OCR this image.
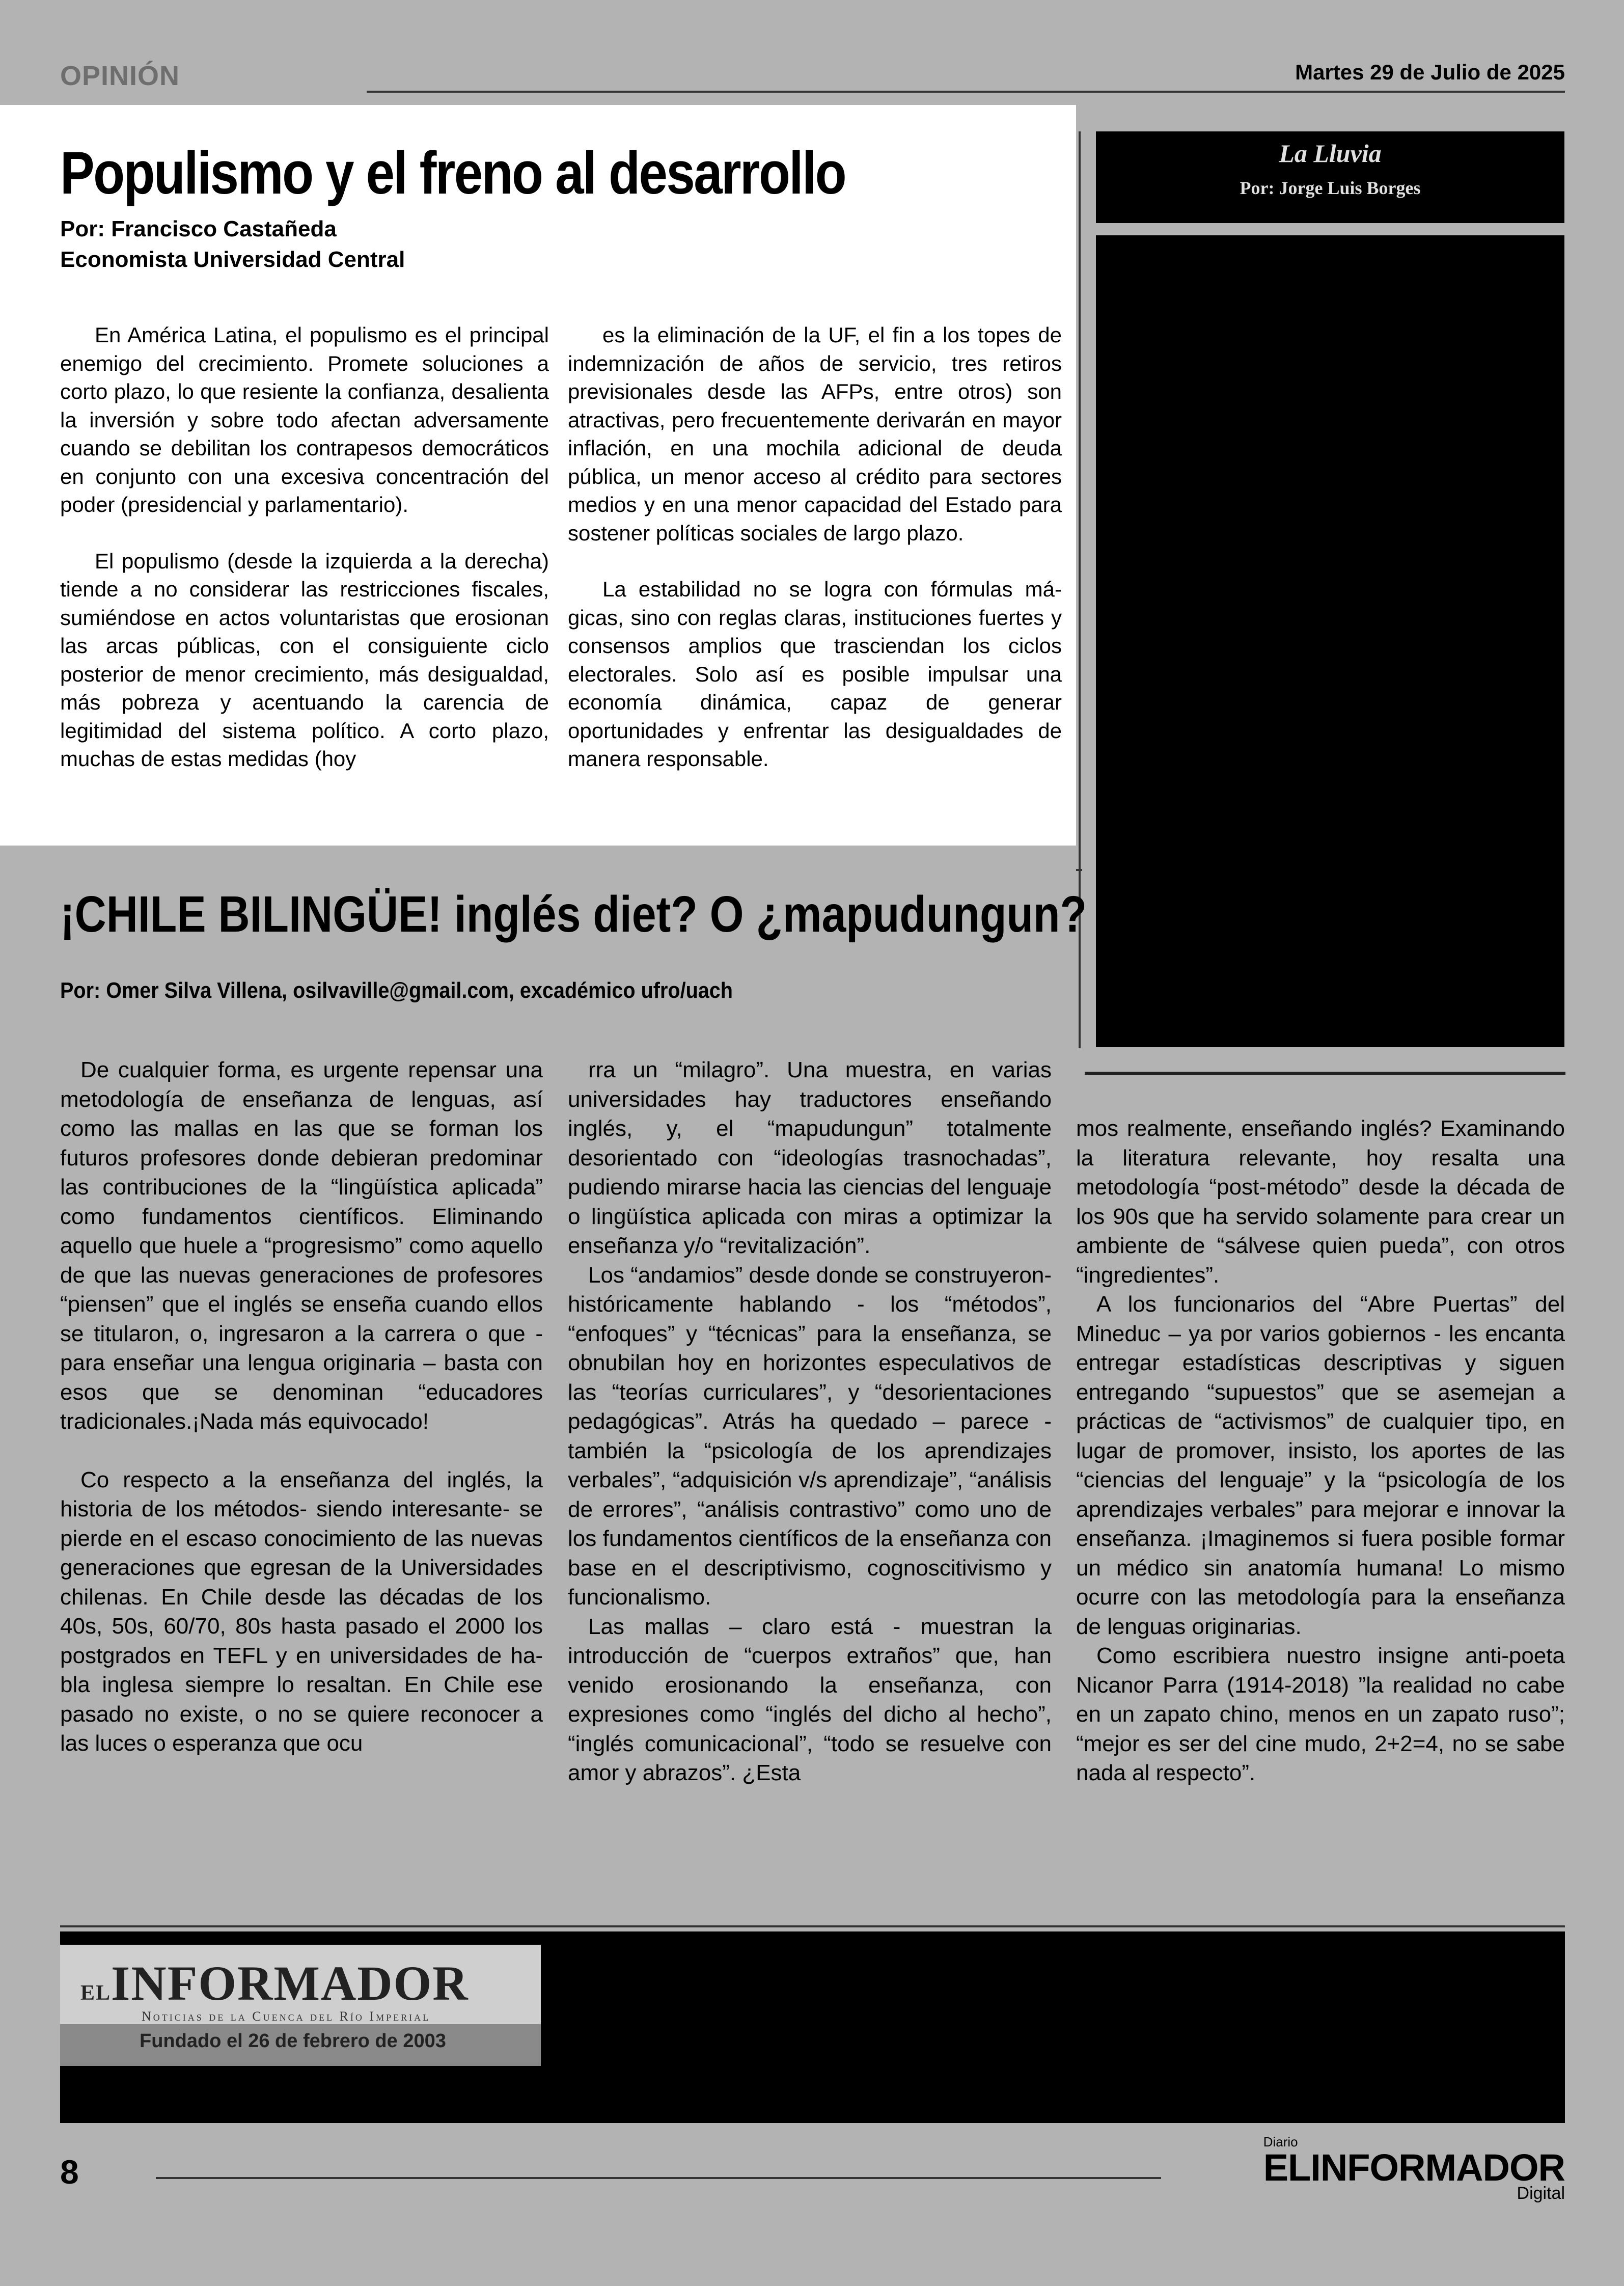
OPINIÓN	Martes 29 de Julio de 2025
Populismo y el freno al desarrollo
Por: Francisco Castañeda
Economista Universidad Central

En América Latina, el populismo es el principal enemigo del crecimiento. Promete soluciones a corto plazo, lo que resiente la confianza, desalienta la inversión y sobre todo afectan adversamente cuando se debilitan los contrapesos democráticos en conjunto con una excesiva concentración del poder (presidencial y parlamentario).

El populismo (desde la izquierda a la derecha) tiende a no considerar las restricciones fiscales, sumiéndose en actos voluntaristas que erosionan las arcas públicas, con el consiguiente ciclo posterior de menor crecimiento, más desigualdad, más pobreza y acentuando la carencia de legitimidad del sistema político. A corto plazo, muchas de estas medidas (hoy

es la eliminación de la UF, el fin a los topes de indemnización de años de servicio, tres retiros previsionales desde las AFPs, entre otros) son atractivas, pero frecuentemente derivarán en mayor inflación, en una mochila adicional de deuda pública, un menor acceso al crédito para sectores medios y en una menor capacidad del Estado para sostener políticas sociales de largo plazo.

La estabilidad no se logra con fórmulas mágicas, sino con reglas claras, instituciones fuertes y consensos amplios que trasciendan los ciclos electorales. Solo así es posible impulsar una economía dinámica, capaz de generar oportunidades y enfrentar las desigualdades de manera responsable.

La Lluvia
Por: Jorge Luis Borges
¡CHILE BILINGÜE! inglés diet? O ¿mapudungun?
Por: Omer Silva Villena, osilvaville@gmail.com, excadémico ufro/uach

De cualquier forma, es urgente repensar una metodología de enseñanza de lenguas, así como las mallas en las que se forman los futuros profesores donde debieran predominar las contribuciones de la “lingüística aplicada” como fundamentos científicos. Eliminando aquello que huele a “progresismo” como aquello de que las nuevas generaciones de profesores “piensen” que el inglés se enseña cuando ellos se titularon, o, ingresaron a la carrera o que -para enseñar una lengua originaria – basta con esos que se denominan “educadores tradicionales.¡Nada más equivocado!

Co respecto a la enseñanza del inglés, la historia de los métodos- siendo interesante- se pierde en el escaso conocimiento de las nuevas generaciones que egresan de la Universidades chilenas. En Chile desde las décadas de los 40s, 50s, 60/70, 80s hasta pasado el 2000 los postgrados en TEFL y en universidades de habla inglesa siempre lo resaltan. En Chile ese pasado no existe, o no se quiere reconocer a las luces o esperanza que ocu

rra un “milagro”. Una muestra, en varias universidades hay traductores enseñando inglés, y, el “mapudungun” totalmente desorientado con “ideologías trasnochadas”, pudiendo mirarse hacia las ciencias del lenguaje o lingüística aplicada con miras a optimizar la enseñanza y/o “revitalización”.

Los “andamios” desde donde se construyeron- históricamente hablando - los “métodos”, “enfoques” y “técnicas” para la enseñanza, se obnubilan hoy en horizontes especulativos de las “teorías curriculares”, y “desorientaciones pedagógicas”. Atrás ha quedado – parece - también la “psicología de los aprendizajes verbales”, “adquisición v/s aprendizaje”, “análisis de errores”, “análisis contrastivo” como uno de los fundamentos científicos de la enseñanza con base en el descriptivismo, cognoscitivismo y funcionalismo.

Las mallas – claro está - muestran la introducción de “cuerpos extraños” que, han venido erosionando la enseñanza, con expresiones como “inglés del dicho al hecho”, “inglés comunicacional”, “todo se resuelve con amor y abrazos”. ¿Esta

mos realmente, enseñando inglés? Examinando la literatura relevante, hoy resalta una metodología “post-método” desde la década de los 90s que ha servido solamente para crear un ambiente de “sálvese quien pueda”, con otros “ingredientes”.

A los funcionarios del “Abre Puertas” del Mineduc – ya por varios gobiernos - les encanta entregar estadísticas descriptivas y siguen entregando “supuestos” que se asemejan a prácticas de “activismos” de cualquier tipo, en lugar de promover, insisto, los aportes de las “ciencias del lenguaje” y la “psicología de los aprendizajes verbales” para mejorar e innovar la enseñanza. ¡Imaginemos si fuera posible formar un médico sin anatomía humana! Lo mismo ocurre con las metodología para la enseñanza de lenguas originarias.

Como escribiera nuestro insigne anti-poeta Nicanor Parra (1914-2018) ”la realidad no cabe en un zapato chino, menos en un zapato ruso”; “mejor es ser del cine mudo, 2+2=4, no se sabe nada al respecto”.

ELINFORMADOR
Noticias de la Cuenca del Río Imperial
Fundado el 26 de febrero de 2003
8
Diario
ELINFORMADOR
Digital
